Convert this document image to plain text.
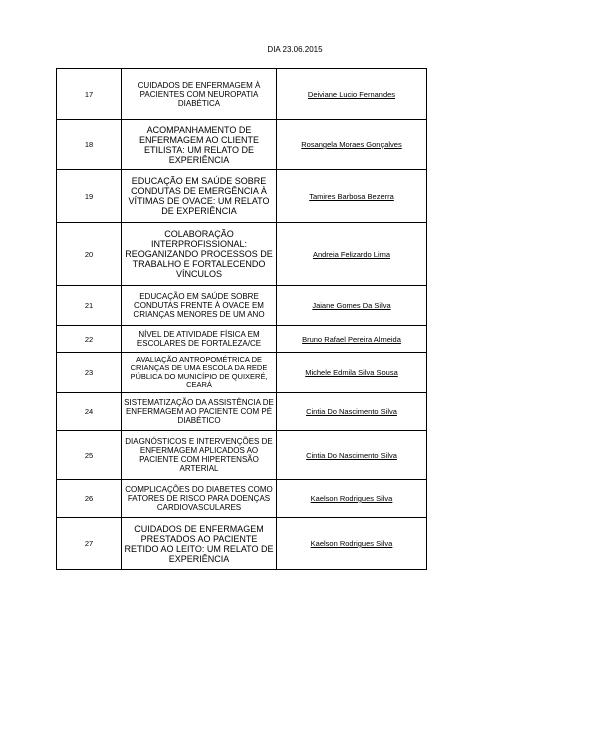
DIA 23.06.2015
17	CUIDADOS DE ENFERMAGEM À PACIENTES COM NEUROPATIA DIABÉTICA	Deiviane Lucio Fernandes
18	ACOMPANHAMENTO DE ENFERMAGEM AO CLIENTE ETILISTA: UM RELATO DE EXPERIÊNCIA	Rosangela Moraes Gonçalves
19	EDUCAÇÃO EM SAÚDE SOBRE CONDUTAS DE EMERGÊNCIA À VÍTIMAS DE OVACE: UM RELATO DE EXPERIÊNCIA	Tamires Barbosa Bezerra
20	COLABORAÇÃO INTERPROFISSIONAL: REOGANIZANDO PROCESSOS DE TRABALHO E FORTALECENDO VÍNCULOS	Andreia Felizardo Lima
21	EDUCAÇÃO EM SAÚDE SOBRE CONDUTAS FRENTE À OVACE EM CRIANÇAS MENORES DE UM ANO	Jaiane Gomes Da Silva
22	NÍVEL DE ATIVIDADE FÍSICA EM ESCOLARES DE FORTALEZA/CE	Bruno Rafael Pereira Almeida
23	AVALIAÇÃO ANTROPOMÉTRICA DE CRIANÇAS DE UMA ESCOLA DA REDE PÚBLICA DO MUNICÍPIO DE QUIXERÉ, CEARÁ	Michele Edmila Silva Sousa
24	SISTEMATIZAÇÃO DA ASSISTÊNCIA DE ENFERMAGEM AO PACIENTE COM PÉ DIABÉTICO	Cintia Do Nascimento Silva
25	DIAGNÓSTICOS E INTERVENÇÕES DE ENFERMAGEM APLICADOS AO PACIENTE COM HIPERTENSÃO ARTERIAL	Cintia Do Nascimento Silva
26	COMPLICAÇÕES DO DIABETES COMO FATORES DE RISCO PARA DOENÇAS CARDIOVASCULARES	Kaelson Rodrigues Silva
27	CUIDADOS DE ENFERMAGEM PRESTADOS AO PACIENTE RETIDO AO LEITO: UM RELATO DE EXPERIÊNCIA	Kaelson Rodrigues Silva
